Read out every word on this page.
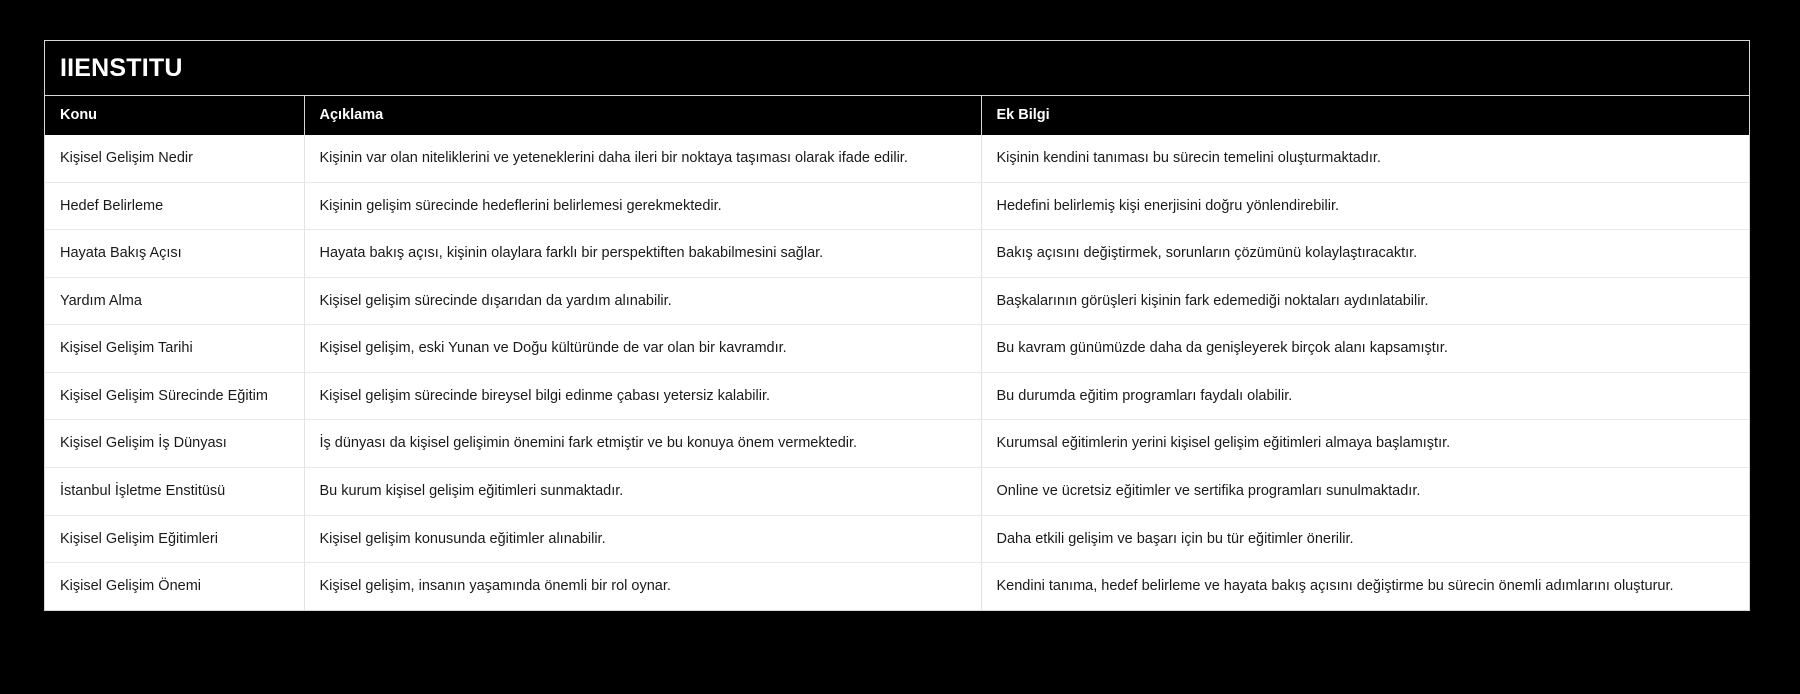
IIENSTITU
Konu	Açıklama	Ek Bilgi
Kişisel Gelişim Nedir	Kişinin var olan niteliklerini ve yeteneklerini daha ileri bir noktaya taşıması olarak ifade edilir.	Kişinin kendini tanıması bu sürecin temelini oluşturmaktadır.
Hedef Belirleme	Kişinin gelişim sürecinde hedeflerini belirlemesi gerekmektedir.	Hedefini belirlemiş kişi enerjisini doğru yönlendirebilir.
Hayata Bakış Açısı	Hayata bakış açısı, kişinin olaylara farklı bir perspektiften bakabilmesini sağlar.	Bakış açısını değiştirmek, sorunların çözümünü kolaylaştıracaktır.
Yardım Alma	Kişisel gelişim sürecinde dışarıdan da yardım alınabilir.	Başkalarının görüşleri kişinin fark edemediği noktaları aydınlatabilir.
Kişisel Gelişim Tarihi	Kişisel gelişim, eski Yunan ve Doğu kültüründe de var olan bir kavramdır.	Bu kavram günümüzde daha da genişleyerek birçok alanı kapsamıştır.
Kişisel Gelişim Sürecinde Eğitim	Kişisel gelişim sürecinde bireysel bilgi edinme çabası yetersiz kalabilir.	Bu durumda eğitim programları faydalı olabilir.
Kişisel Gelişim İş Dünyası	İş dünyası da kişisel gelişimin önemini fark etmiştir ve bu konuya önem vermektedir.	Kurumsal eğitimlerin yerini kişisel gelişim eğitimleri almaya başlamıştır.
İstanbul İşletme Enstitüsü	Bu kurum kişisel gelişim eğitimleri sunmaktadır.	Online ve ücretsiz eğitimler ve sertifika programları sunulmaktadır.
Kişisel Gelişim Eğitimleri	Kişisel gelişim konusunda eğitimler alınabilir.	Daha etkili gelişim ve başarı için bu tür eğitimler önerilir.
Kişisel Gelişim Önemi	Kişisel gelişim, insanın yaşamında önemli bir rol oynar.	Kendini tanıma, hedef belirleme ve hayata bakış açısını değiştirme bu sürecin önemli adımlarını oluşturur.
